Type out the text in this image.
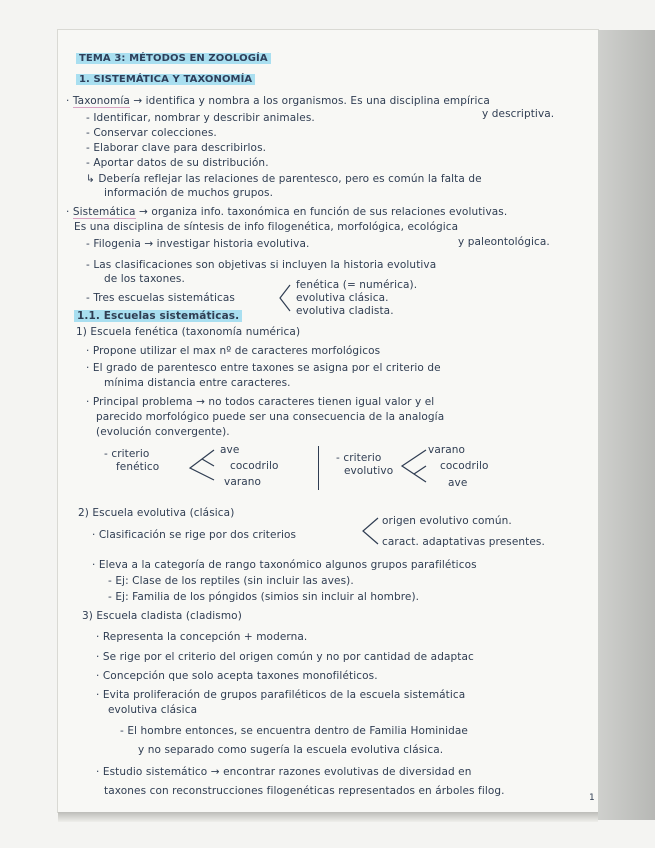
TEMA 3: MÉTODOS EN ZOOLOGÍA
1. SISTEMÁTICA Y TAXONOMÍA
· Taxonomía → identifica y nombra a los organismos. Es una disciplina empírica
y descriptiva.
- Identificar, nombrar y describir animales.
- Conservar colecciones.
- Elaborar clave para describirlos.
- Aportar datos de su distribución.
↳ Debería reflejar las relaciones de parentesco, pero es común la falta de
información de muchos grupos.
· Sistemática → organiza info. taxonómica en función de sus relaciones evolutivas.
Es una disciplina de síntesis de info filogenética, morfológica, ecológica
y paleontológica.
- Filogenia → investigar historia evolutiva.
- Las clasificaciones son objetivas si incluyen la historia evolutiva
de los taxones.
- Tres escuelas sistemáticas
fenética (= numérica).
evolutiva clásica.
evolutiva cladista.
1.1. Escuelas sistemáticas.
1) Escuela fenética (taxonomía numérica)
· Propone utilizar el max nº de caracteres morfológicos
· El grado de parentesco entre taxones se asigna por el criterio de
mínima distancia entre caracteres.
· Principal problema → no todos caracteres tienen igual valor y el
parecido morfológico puede ser una consecuencia de la analogía
(evolución convergente).
- criterio
fenético
ave
cocodrilo
varano
- criterio
evolutivo
varano
cocodrilo
ave
2) Escuela evolutiva (clásica)
· Clasificación se rige por dos criterios
origen evolutivo común.
caract. adaptativas presentes.
· Eleva a la categoría de rango taxonómico algunos grupos parafiléticos
- Ej: Clase de los reptiles (sin incluir las aves).
- Ej: Familia de los póngidos (simios sin incluir al hombre).
3) Escuela cladista (cladismo)
· Representa la concepción + moderna.
· Se rige por el criterio del origen común y no por cantidad de adaptac
· Concepción que solo acepta taxones monofiléticos.
· Evita proliferación de grupos parafiléticos de la escuela sistemática
evolutiva clásica
- El hombre entonces, se encuentra dentro de Familia Hominidae
y no separado como sugería la escuela evolutiva clásica.
· Estudio sistemático → encontrar razones evolutivas de diversidad en
taxones con reconstrucciones filogenéticas representados en árboles filog.
1
